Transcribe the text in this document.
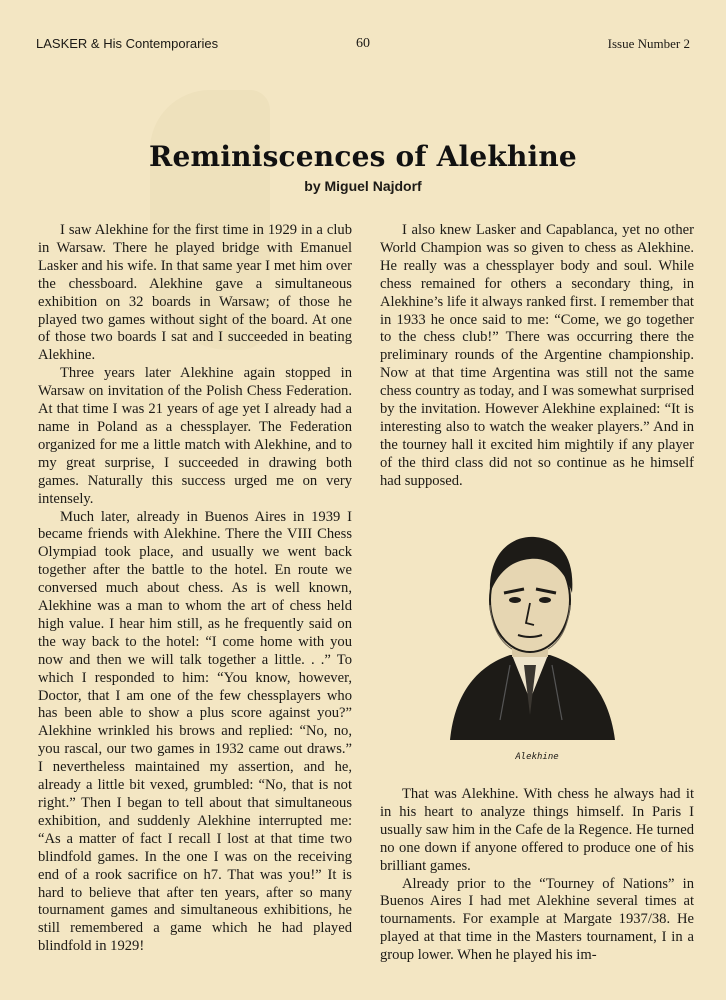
LASKER & His Contemporaries	60	Issue Number 2
Reminiscences of Alekhine
by Miguel Najdorf

I saw Alekhine for the first time in 1929 in a club in Warsaw. There he played bridge with Emanuel Lasker and his wife. In that same year I met him over the chessboard. Alekhine gave a simultaneous exhibition on 32 boards in Warsaw; of those he played two games without sight of the board. At one of those two boards I sat and I succeeded in beating Alekhine.

Three years later Alekhine again stopped in Warsaw on invitation of the Polish Chess Federation. At that time I was 21 years of age yet I already had a name in Poland as a chessplayer. The Federation organized for me a little match with Alekhine, and to my great surprise, I succeeded in drawing both games. Naturally this success urged me on very intensely.

Much later, already in Buenos Aires in 1939 I became friends with Alekhine. There the VIII Chess Olympiad took place, and usually we went back together after the battle to the hotel. En route we conversed much about chess. As is well known, Alekhine was a man to whom the art of chess held high value. I hear him still, as he frequently said on the way back to the hotel: “I come home with you now and then we will talk together a little. . .” To which I responded to him: “You know, however, Doctor, that I am one of the few chessplayers who has been able to show a plus score against you?” Alekhine wrinkled his brows and replied: “No, no, you rascal, our two games in 1932 came out draws.” I nevertheless maintained my assertion, and he, already a little bit vexed, grumbled: “No, that is not right.” Then I began to tell about that simultaneous exhibition, and suddenly Alekhine interrupted me: “As a matter of fact I recall I lost at that time two blindfold games. In the one I was on the receiving end of a rook sacrifice on h7. That was you!” It is hard to believe that after ten years, after so many tournament games and simultaneous exhibitions, he still remembered a game which he had played blindfold in 1929!

I also knew Lasker and Capablanca, yet no other World Champion was so given to chess as Alekhine. He really was a chessplayer body and soul. While chess remained for others a secondary thing, in Alekhine’s life it always ranked first. I remember that in 1933 he once said to me: “Come, we go together to the chess club!” There was occurring there the preliminary rounds of the Argentine championship. Now at that time Argentina was still not the same chess country as today, and I was somewhat surprised by the invitation. However Alekhine explained: “It is interesting also to watch the weaker players.” And in the tourney hall it excited him mightily if any player of the third class did not so continue as he himself had supposed.

Alekhine

That was Alekhine. With chess he always had it in his heart to analyze things himself. In Paris I usually saw him in the Cafe de la Regence. He turned no one down if anyone offered to produce one of his brilliant games.

Already prior to the “Tourney of Nations” in Buenos Aires I had met Alekhine several times at tournaments. For example at Margate 1937/38. He played at that time in the Masters tournament, I in a group lower. When he played his im-
